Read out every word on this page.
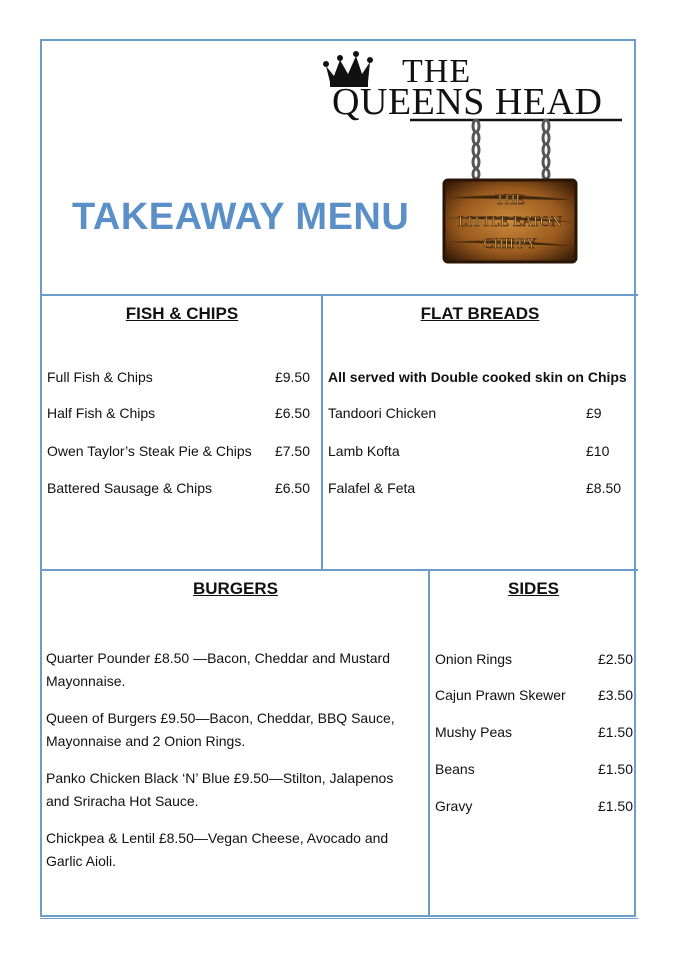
TAKEAWAY MENU
THE
QUEENS HEAD
THE
LITTLE EATON
CHIPPY
FISH & CHIPS
Full Fish & Chips	£9.50
Half Fish & Chips	£6.50
Owen Taylor’s Steak Pie & Chips	£7.50
Battered Sausage & Chips	£6.50
FLAT BREADS
All served with Double cooked skin on Chips
Tandoori Chicken	£9
Lamb Kofta	£10
Falafel & Feta	£8.50
BURGERS
Quarter Pounder £8.50 —Bacon, Cheddar and Mustard Mayonnaise.
Queen of Burgers £9.50—Bacon, Cheddar, BBQ Sauce, Mayonnaise and 2 Onion Rings.
Panko Chicken Black ‘N’ Blue £9.50—Stilton, Jalapenos and Sriracha Hot Sauce.
Chickpea & Lentil £8.50—Vegan Cheese, Avocado and Garlic Aioli.
SIDES
Onion Rings	£2.50
Cajun Prawn Skewer	£3.50
Mushy Peas	£1.50
Beans	£1.50
Gravy	£1.50
